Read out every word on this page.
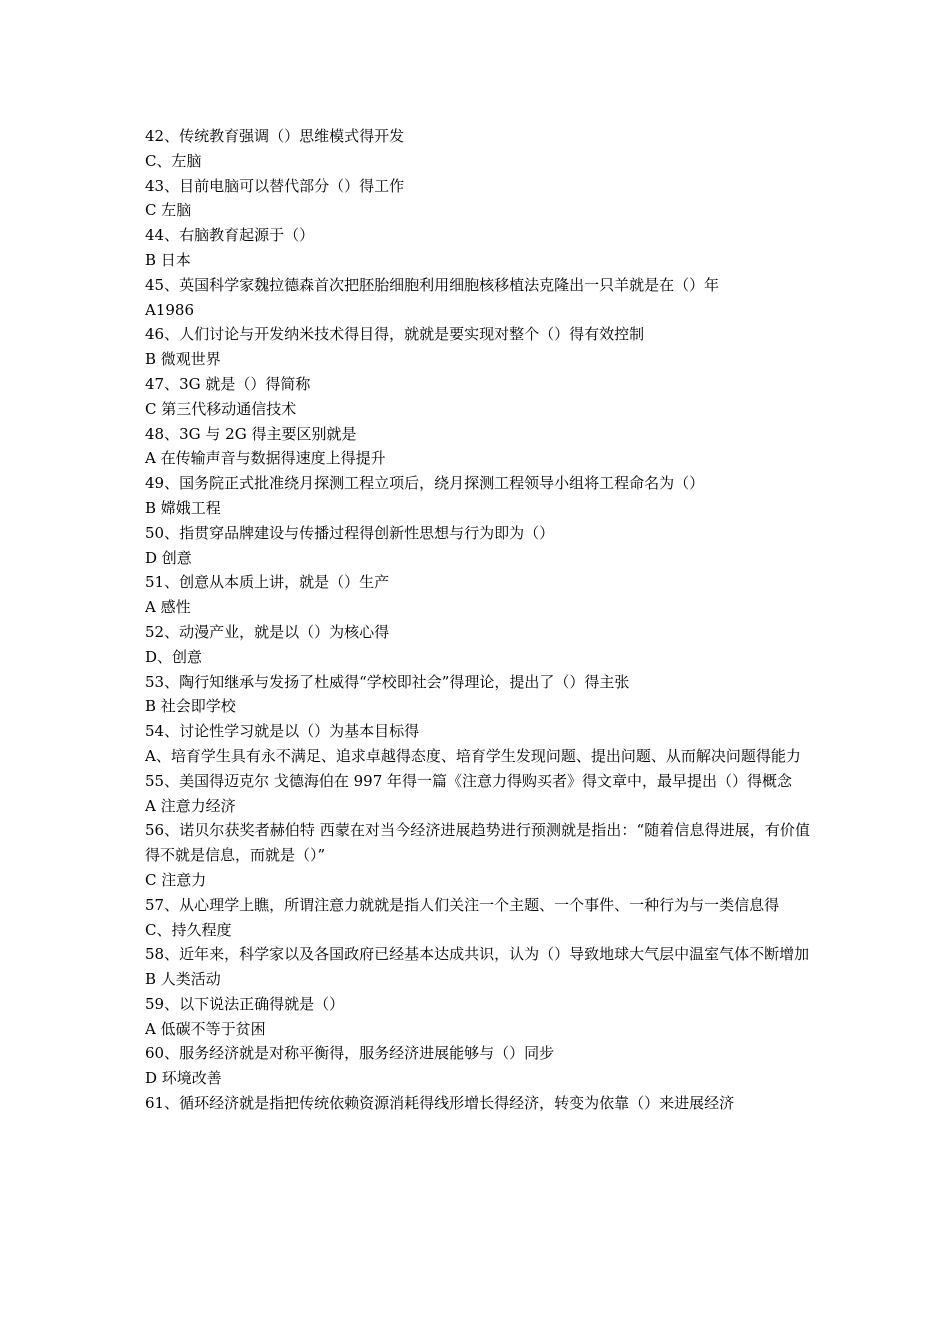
42、传统教育强调（）思维模式得开发
C、左脑
43、目前电脑可以替代部分（）得工作
C 左脑
44、右脑教育起源于（）
B 日本
45、英国科学家魏拉德森首次把胚胎细胞利用细胞核移植法克隆出一只羊就是在（）年
A1986
46、人们讨论与开发纳米技术得目得，就就是要实现对整个（）得有效控制
B 微观世界
47、3G 就是（）得简称
C 第三代移动通信技术
48、3G 与 2G 得主要区别就是
A 在传输声音与数据得速度上得提升
49、国务院正式批准绕月探测工程立项后，绕月探测工程领导小组将工程命名为（）
B 嫦娥工程
50、指贯穿品牌建设与传播过程得创新性思想与行为即为（）
D 创意
51、创意从本质上讲，就是（）生产
A 感性
52、动漫产业，就是以（）为核心得
D、创意
53、陶行知继承与发扬了杜威得“学校即社会”得理论，提出了（）得主张
B 社会即学校
54、讨论性学习就是以（）为基本目标得
A、培育学生具有永不满足、追求卓越得态度、培育学生发现问题、提出问题、从而解决问题得能力
55、美国得迈克尔 戈德海伯在 997 年得一篇《注意力得购买者》得文章中，最早提出（）得概念
A 注意力经济
56、诺贝尔获奖者赫伯特 西蒙在对当今经济进展趋势进行预测就是指出：“随着信息得进展，有价值得不就是信息，而就是（）”
C 注意力
57、从心理学上瞧，所谓注意力就就是指人们关注一个主题、一个事件、一种行为与一类信息得
C、持久程度
58、近年来，科学家以及各国政府已经基本达成共识，认为（）导致地球大气层中温室气体不断增加
B 人类活动
59、以下说法正确得就是（）
A 低碳不等于贫困
60、服务经济就是对称平衡得，服务经济进展能够与（）同步
D 环境改善
61、循环经济就是指把传统依赖资源消耗得线形增长得经济，转变为依靠（）来进展经济
